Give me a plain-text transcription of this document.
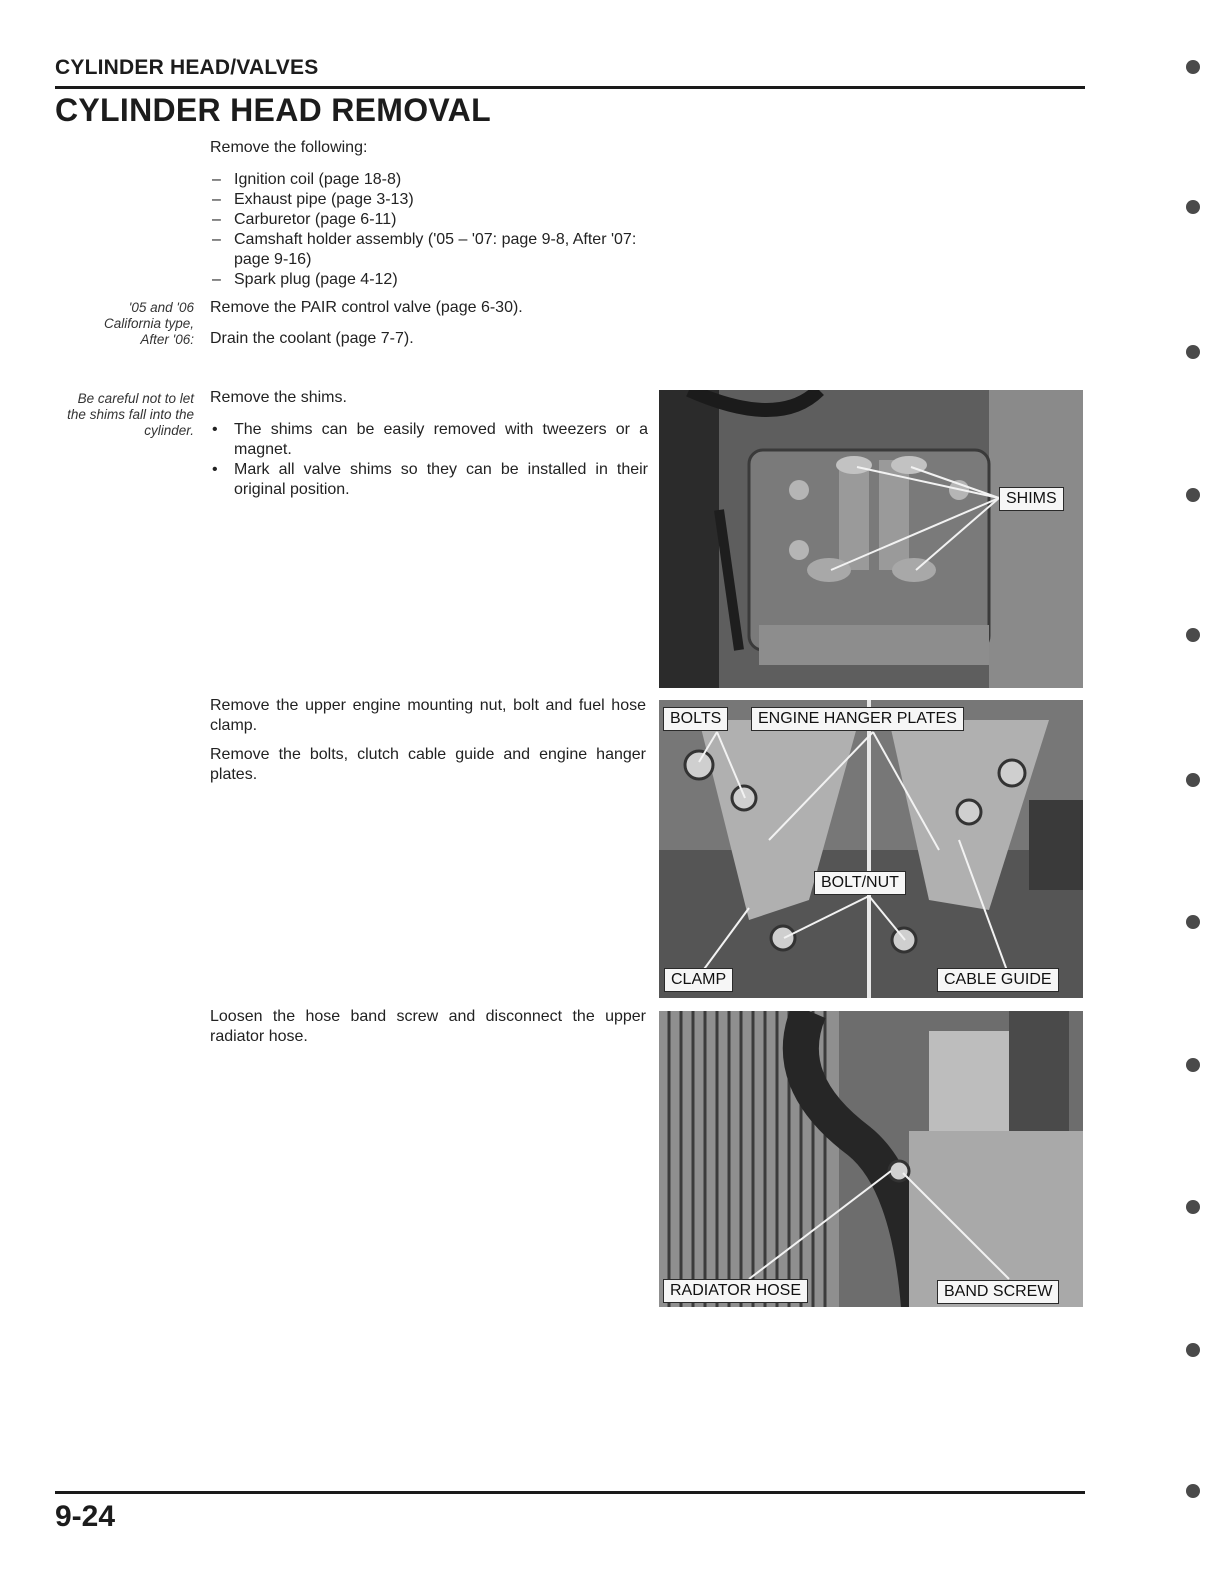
CYLINDER HEAD/VALVES
CYLINDER HEAD REMOVAL

Remove the following:

– Ignition coil (page 18-8)
– Exhaust pipe (page 3-13)
– Carburetor (page 6-11)
– Camshaft holder assembly ('05 – '07: page 9-8, After '07: page 9-16)
– Spark plug (page 4-12)
'05 and '06 California type, After '06:
Remove the PAIR control valve (page 6-30).
Drain the coolant (page 7-7).
Be careful not to let the shims fall into the cylinder.

Remove the shims.

• The shims can be easily removed with tweezers or a magnet.
• Mark all valve shims so they can be installed in their original position.
SHIMS

Remove the upper engine mounting nut, bolt and fuel hose clamp.

Remove the bolts, clutch cable guide and engine hanger plates.

BOLTS	ENGINE HANGER PLATES
BOLT/NUT
CLAMP	CABLE GUIDE

Loosen the hose band screw and disconnect the upper radiator hose.

RADIATOR HOSE	BAND SCREW
9-24
